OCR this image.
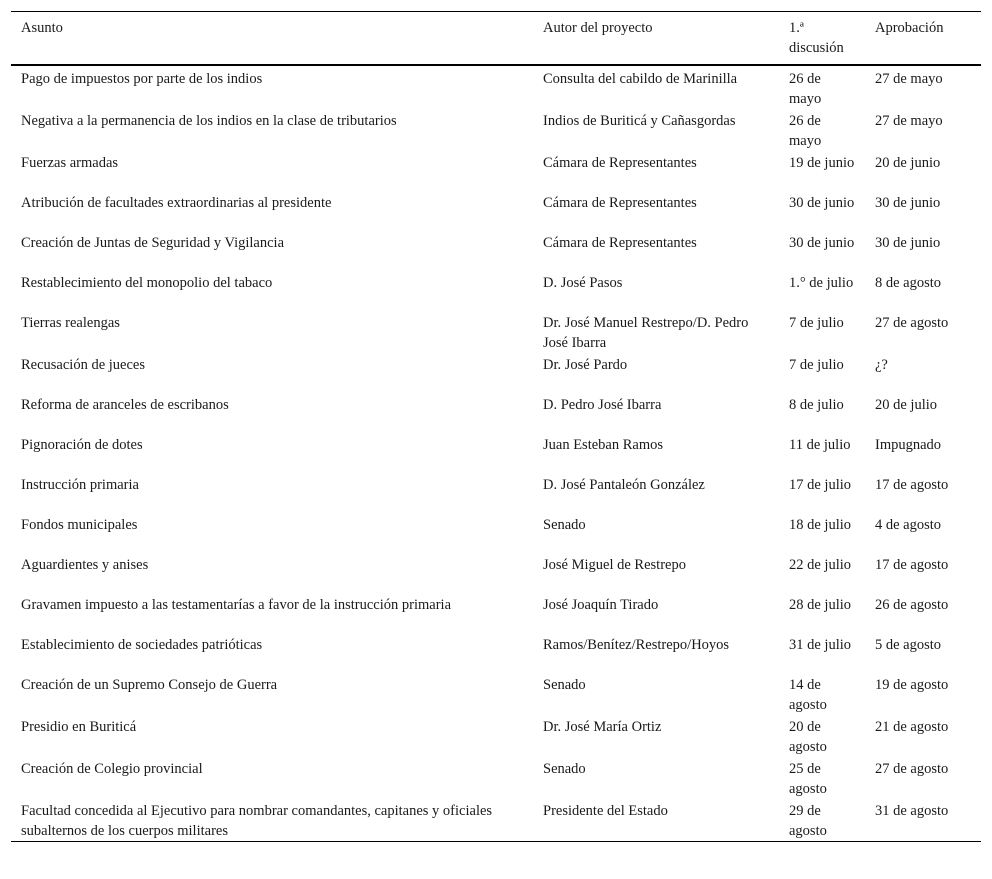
Asunto	Autor del proyecto	1.ª discusión	Aprobación
Pago de impuestos por parte de los indios	Consulta del cabildo de Marinilla	26 de mayo	27 de mayo
Negativa a la permanencia de los indios en la clase de tributarios	Indios de Buriticá y Cañasgordas	26 de mayo	27 de mayo
Fuerzas armadas	Cámara de Representantes	19 de junio	20 de junio
Atribución de facultades extraordinarias al presidente	Cámara de Representantes	30 de junio	30 de junio
Creación de Juntas de Seguridad y Vigilancia	Cámara de Representantes	30 de junio	30 de junio
Restablecimiento del monopolio del tabaco	D. José Pasos	1.° de julio	8 de agosto
Tierras realengas	Dr. José Manuel Restrepo/D. Pedro José Ibarra	7 de julio	27 de agosto
Recusación de jueces	Dr. José Pardo	7 de julio	¿?
Reforma de aranceles de escribanos	D. Pedro José Ibarra	8 de julio	20 de julio
Pignoración de dotes	Juan Esteban Ramos	11 de julio	Impugnado
Instrucción primaria	D. José Pantaleón González	17 de julio	17 de agosto
Fondos municipales	Senado	18 de julio	4 de agosto
Aguardientes y anises	José Miguel de Restrepo	22 de julio	17 de agosto
Gravamen impuesto a las testamentarías a favor de la instrucción primaria	José Joaquín Tirado	28 de julio	26 de agosto
Establecimiento de sociedades patrióticas	Ramos/Benítez/Restrepo/Hoyos	31 de julio	5 de agosto
Creación de un Supremo Consejo de Guerra	Senado	14 de agosto	19 de agosto
Presidio en Buriticá	Dr. José María Ortiz	20 de agosto	21 de agosto
Creación de Colegio provincial	Senado	25 de agosto	27 de agosto
Facultad concedida al Ejecutivo para nombrar comandantes, capitanes y oficiales subalternos de los cuerpos militares	Presidente del Estado	29 de agosto	31 de agosto
